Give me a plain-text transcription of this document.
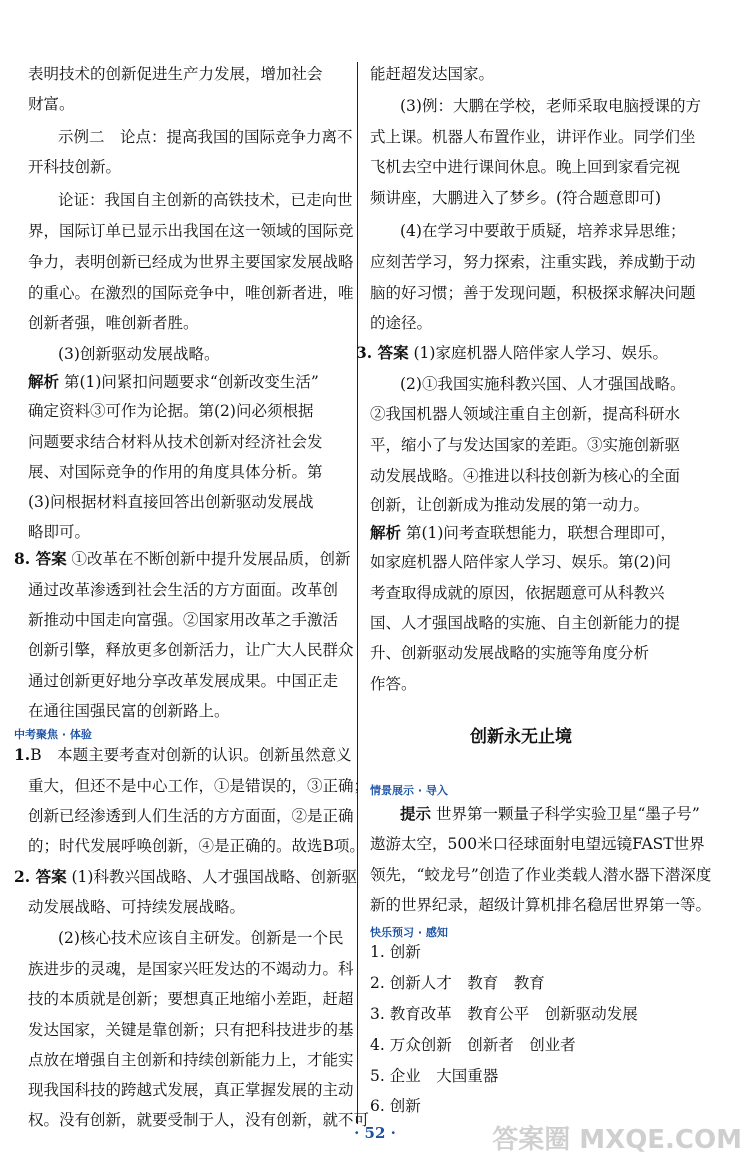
表明技术的创新促进生产力发展，增加社会
财富。
示例二　论点：提高我国的国际竞争力离不
开科技创新。
论证：我国自主创新的高铁技术，已走向世
界，国际订单已显示出我国在这一领域的国际竞
争力，表明创新已经成为世界主要国家发展战略
的重心。在激烈的国际竞争中，唯创新者进，唯
创新者强，唯创新者胜。
(3)创新驱动发展战略。
解析 第(1)问紧扣问题要求“创新改变生活”
确定资料③可作为论据。第(2)问必须根据
问题要求结合材料从技术创新对经济社会发
展、对国际竞争的作用的角度具体分析。第
(3)问根据材料直接回答出创新驱动发展战
略即可。
8. 答案 ①改革在不断创新中提升发展品质，创新
通过改革渗透到社会生活的方方面面。改革创
新推动中国走向富强。②国家用改革之手激活
创新引擎，释放更多创新活力，让广大人民群众
通过创新更好地分享改革发展成果。中国正走
在通往国强民富的创新路上。
1.B　本题主要考查对创新的认识。创新虽然意义
重大，但还不是中心工作，①是错误的，③正确；
创新已经渗透到人们生活的方方面面，②是正确
的；时代发展呼唤创新，④是正确的。故选B项。
2. 答案 (1)科教兴国战略、人才强国战略、创新驱
动发展战略、可持续发展战略。
(2)核心技术应该自主研发。创新是一个民
族进步的灵魂，是国家兴旺发达的不竭动力。科
技的本质就是创新；要想真正地缩小差距，赶超
发达国家，关键是靠创新；只有把科技进步的基
点放在增强自主创新和持续创新能力上，才能实
现我国科技的跨越式发展，真正掌握发展的主动
权。没有创新，就要受制于人，没有创新，就不可
中考聚焦 · 体验
能赶超发达国家。
(3)例：大鹏在学校，老师采取电脑授课的方
式上课。机器人布置作业，讲评作业。同学们坐
飞机去空中进行课间休息。晚上回到家看完视
频讲座，大鹏进入了梦乡。(符合题意即可)
(4)在学习中要敢于质疑，培养求异思维；
应刻苦学习，努力探索，注重实践，养成勤于动
脑的好习惯；善于发现问题，积极探求解决问题
的途径。
3. 答案 (1)家庭机器人陪伴家人学习、娱乐。
(2)①我国实施科教兴国、人才强国战略。
②我国机器人领域注重自主创新，提高科研水
平，缩小了与发达国家的差距。③实施创新驱
动发展战略。④推进以科技创新为核心的全面
创新，让创新成为推动发展的第一动力。
解析 第(1)问考查联想能力，联想合理即可，
如家庭机器人陪伴家人学习、娱乐。第(2)问
考查取得成就的原因，依据题意可从科教兴
国、人才强国战略的实施、自主创新能力的提
升、创新驱动发展战略的实施等角度分析
作答。
提示 世界第一颗量子科学实验卫星“墨子号”
遨游太空，500米口径球面射电望远镜FAST世界
领先，“蛟龙号”创造了作业类载人潜水器下潜深度
新的世界纪录，超级计算机排名稳居世界第一等。
1. 创新
2. 创新人才　教育　教育
3. 教育改革　教育公平　创新驱动发展
4. 万众创新　创新者　创业者
5. 企业　大国重器
6. 创新
创新永无止境
情景展示 · 导入
快乐预习 · 感知
· 52 ·	答案圈 MXQE.COM
